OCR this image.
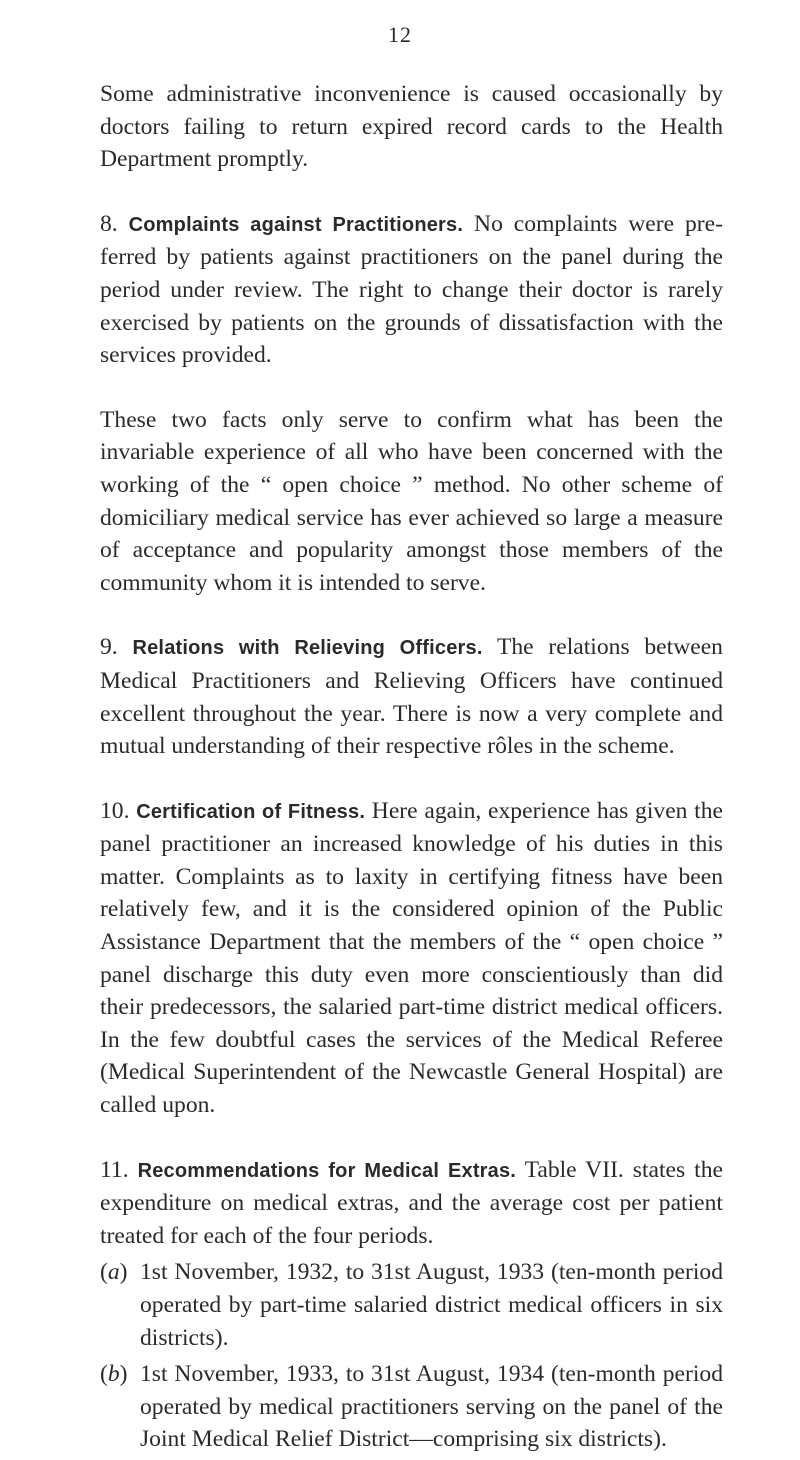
12

Some administrative inconvenience is caused occasionally by doctors failing to return expired record cards to the Health Department promptly.

8. Complaints against Practitioners. No complaints were pre- ferred by patients against practitioners on the panel during the period under review. The right to change their doctor is rarely exercised by patients on the grounds of dissatisfaction with the services provided.

These two facts only serve to confirm what has been the invariable experience of all who have been concerned with the working of the “ open choice ” method. No other scheme of domiciliary medical service has ever achieved so large a measure of acceptance and popularity amongst those members of the community whom it is intended to serve.

9. Relations with Relieving Officers. The relations between Medical Practitioners and Relieving Officers have continued excellent throughout the year. There is now a very complete and mutual understanding of their respective rôles in the scheme.

10. Certification of Fitness. Here again, experience has given the panel practitioner an increased knowledge of his duties in this matter. Complaints as to laxity in certifying fitness have been relatively few, and it is the considered opinion of the Public Assistance Department that the members of the “ open choice ” panel discharge this duty even more conscientiously than did their predecessors, the salaried part-time district medical officers. In the few doubtful cases the services of the Medical Referee (Medical Superintendent of the Newcastle General Hospital) are called upon.

11. Recommendations for Medical Extras. Table VII. states the expenditure on medical extras, and the average cost per patient treated for each of the four periods.

(a) 1st November, 1932, to 31st August, 1933 (ten-month period operated by part-time salaried district medical officers in six districts).
(b) 1st November, 1933, to 31st August, 1934 (ten-month period operated by medical practitioners serving on the panel of the Joint Medical Relief District—comprising six districts).
